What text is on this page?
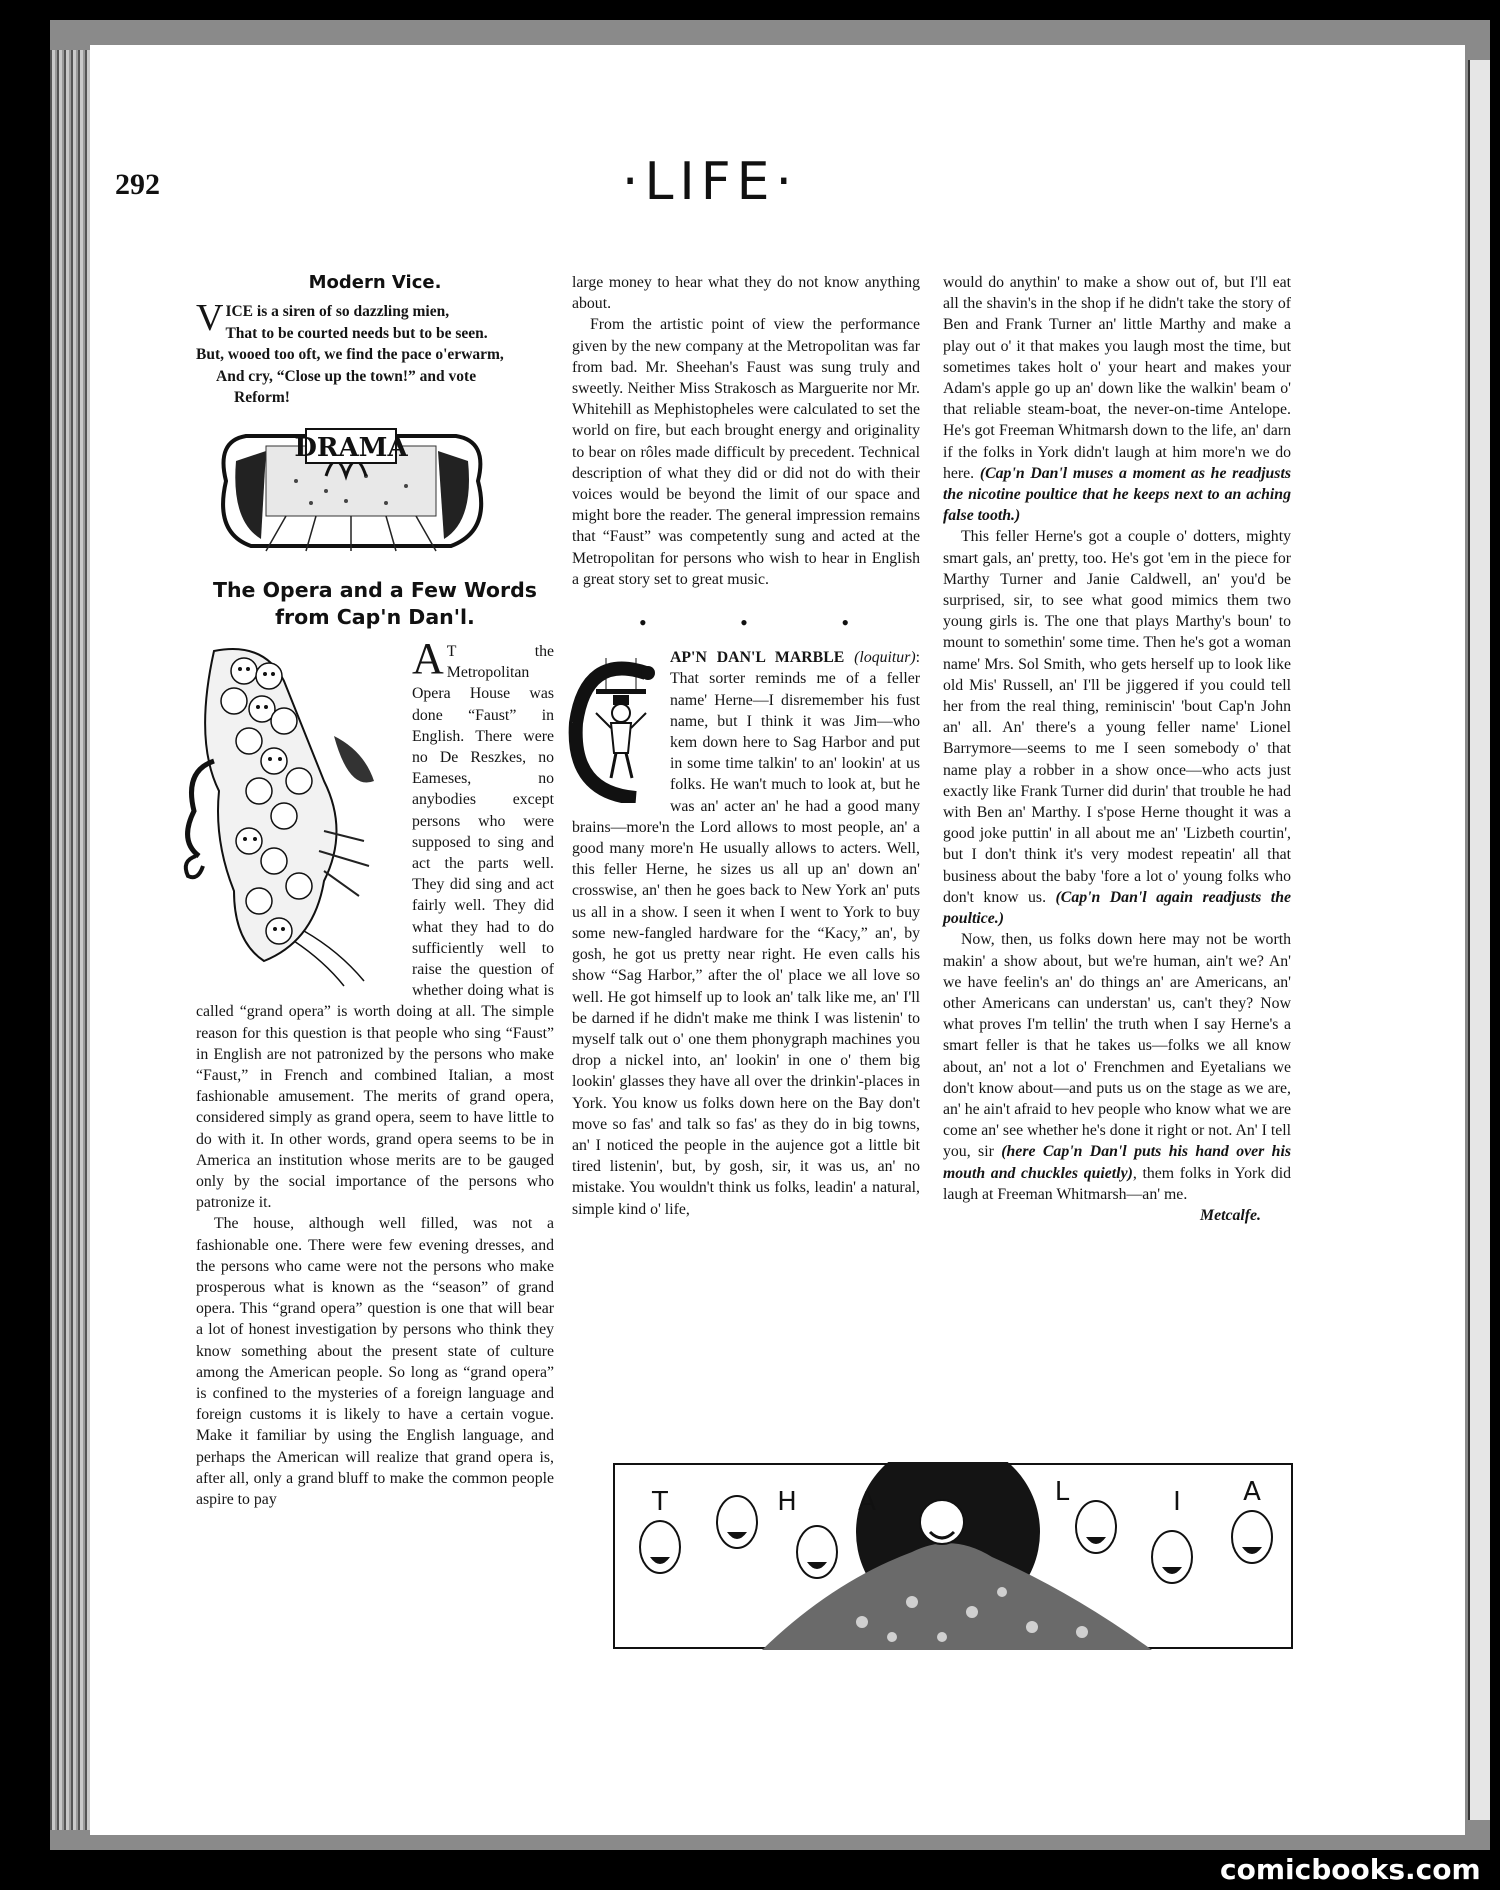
292	·LIFE·
Modern Vice.
V ICE is a siren of so dazzling mien,
That to be courted needs but to be seen.
But, wooed too oft, we find the pace o'erwarm,
And cry, “Close up the town!” and vote
Reform!
DRAMA
The Opera and a Few Words from Cap'n Dan'l.

A T the Metropolitan Opera House was done “Faust” in English. There were no De Reszkes, no Eameses, no anybodies except persons who were supposed to sing and act the parts well. They did sing and act fairly well. They did what they had to do sufficiently well to raise the question of whether doing what is called “grand opera” is worth doing at all. The simple reason for this question is that people who sing “Faust” in English are not patronized by the persons who make “Faust,” in French and combined Italian, a most fashionable amusement. The merits of grand opera, considered simply as grand opera, seem to have little to do with it. In other words, grand opera seems to be in America an institution whose merits are to be gauged only by the social importance of the persons who patronize it.

The house, although well filled, was not a fashionable one. There were few evening dresses, and the persons who came were not the persons who make prosperous what is known as the “season” of grand opera. This “grand opera” question is one that will bear a lot of honest investigation by persons who think they know something about the present state of culture among the American people. So long as “grand opera” is confined to the mysteries of a foreign language and foreign customs it is likely to have a certain vogue. Make it familiar by using the English language, and perhaps the American will realize that grand opera is, after all, only a grand bluff to make the common people aspire to pay

large money to hear what they do not know anything about.

From the artistic point of view the performance given by the new company at the Metropolitan was far from bad. Mr. Sheehan's Faust was sung truly and sweetly. Neither Miss Strakosch as Marguerite nor Mr. Whitehill as Mephistopheles were calculated to set the world on fire, but each brought energy and originality to bear on rôles made difficult by precedent. Technical description of what they did or did not do with their voices would be beyond the limit of our space and might bore the reader. The general impression remains that “Faust” was competently sung and acted at the Metropolitan for persons who wish to hear in English a great story set to great music.

• • •
C

AP'N DAN'L MARBLE (loquitur): That sorter reminds me of a feller name' Herne—I disremember his fust name, but I think it was Jim—who kem down here to Sag Harbor and put in some time talkin' to an' lookin' at us folks. He wan't much to look at, but he was an' acter an' he had a good many brains—more'n the Lord allows to most people, an' a good many more'n He usually allows to acters. Well, this feller Herne, he sizes us all up an' down an' crosswise, an' then he goes back to New York an' puts us all in a show. I seen it when I went to York to buy some new-fangled hardware for the “Kacy,” an', by gosh, he got us pretty near right. He even calls his show “Sag Harbor,” after the ol' place we all love so well. He got himself up to look an' talk like me, an' I'll be darned if he didn't make me think I was listenin' to myself talk out o' one them phonygraph machines you drop a nickel into, an' lookin' in one o' them big lookin' glasses they have all over the drinkin'-places in York. You know us folks down here on the Bay don't move so fas' and talk so fas' as they do in big towns, an' I noticed the people in the aujence got a little bit tired listenin', but, by gosh, sir, it was us, an' no mistake. You wouldn't think us folks, leadin' a natural, simple kind o' life,

would do anythin' to make a show out of, but I'll eat all the shavin's in the shop if he didn't take the story of Ben and Frank Turner an' little Marthy and make a play out o' it that makes you laugh most the time, but sometimes takes holt o' your heart and makes your Adam's apple go up an' down like the walkin' beam o' that reliable steam-boat, the never-on-time Antelope. He's got Freeman Whitmarsh down to the life, an' darn if the folks in York didn't laugh at him more'n we do here. (Cap'n Dan'l muses a moment as he readjusts the nicotine poultice that he keeps next to an aching false tooth.)

This feller Herne's got a couple o' dotters, mighty smart gals, an' pretty, too. He's got 'em in the piece for Marthy Turner and Janie Caldwell, an' you'd be surprised, sir, to see what good mimics them two young girls is. The one that plays Marthy's boun' to mount to somethin' some time. Then he's got a woman name' Mrs. Sol Smith, who gets herself up to look like old Mis' Russell, an' I'll be jiggered if you could tell her from the real thing, reminiscin' 'bout Cap'n John an' all. An' there's a young feller name' Lionel Barrymore—seems to me I seen somebody o' that name play a robber in a show once—who acts just exactly like Frank Turner did durin' that trouble he had with Ben an' Marthy. I s'pose Herne thought it was a good joke puttin' in all about me an' 'Lizbeth courtin', but I don't think it's very modest repeatin' all that business about the baby 'fore a lot o' young folks who don't know us. (Cap'n Dan'l again readjusts the poultice.)

Now, then, us folks down here may not be worth makin' a show about, but we're human, ain't we? An' we have feelin's an' do things an' are Americans, an' other Americans can understan' us, can't they? Now what proves I'm tellin' the truth when I say Herne's a smart feller is that he takes us—folks we all know about, an' not a lot o' Frenchmen and Eyetalians we don't know about—and puts us on the stage as we are, an' he ain't afraid to hev people who know what we are come an' see whether he's done it right or not. An' I tell you, sir (here Cap'n Dan'l puts his hand over his mouth and chuckles quietly), them folks in York did laugh at Freeman Whitmarsh—an' me.

Metcalfe.
T	H A	L	I A
comicbooks.com
